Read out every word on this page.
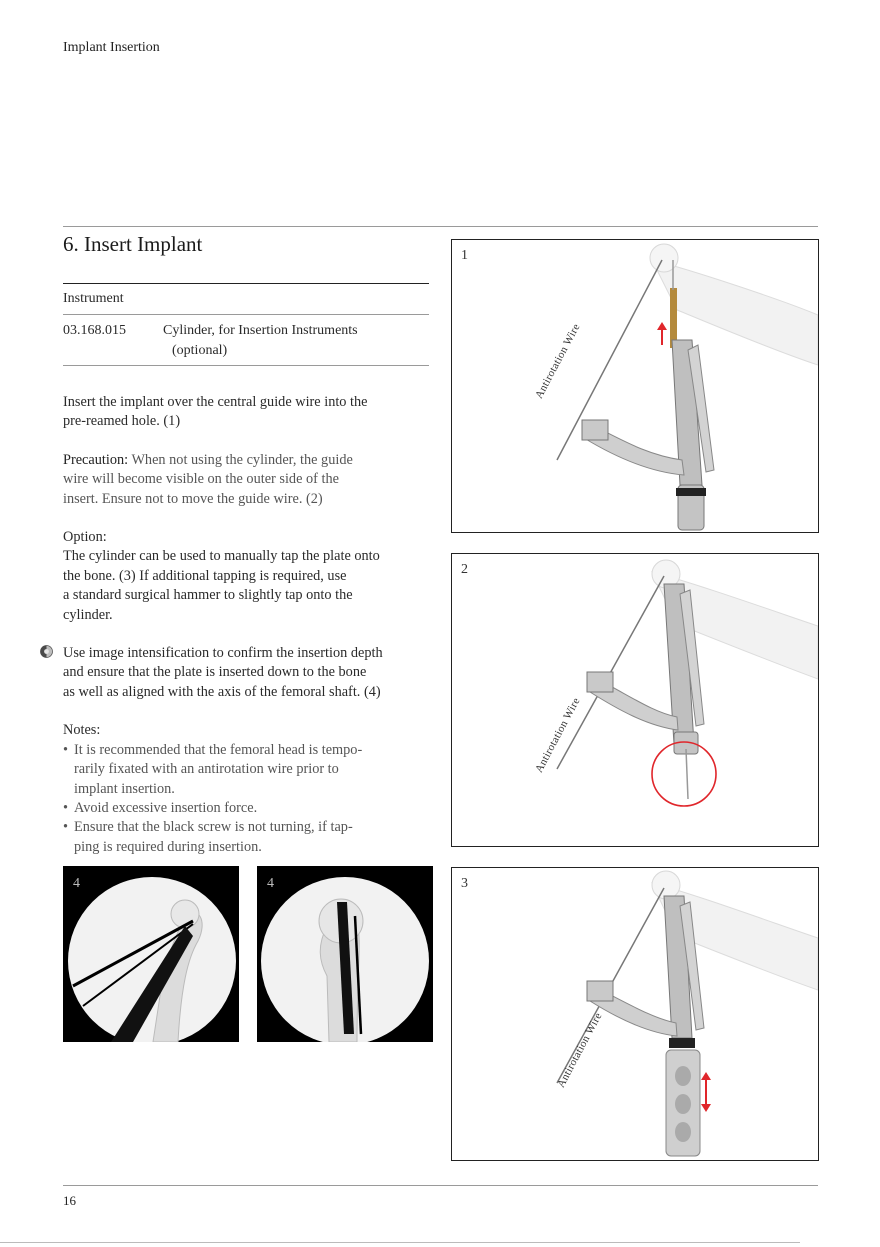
Implant Insertion
6. Insert Implant
Instrument
03.168.015	Cylinder, for Insertion Instruments
(optional)
Insert the implant over the central guide wire into the
pre-reamed hole. (1)
Precaution: When not using the cylinder, the guide
wire will become visible on the outer side of the
insert. Ensure not to move the guide wire. (2)
Option:
The cylinder can be used to manually tap the plate onto
the bone. (3) If additional tapping is required, use
a standard surgical hammer to slightly tap onto the
cylinder.
Use image intensification to confirm the insertion depth
and ensure that the plate is inserted down to the bone
as well as aligned with the axis of the femoral shaft. (4)
Notes:
• It is recommended that the femoral head is tempo-
rarily fixated with an antirotation wire prior to
implant insertion.
• Avoid excessive insertion force.
• Ensure that the black screw is not turning, if tap-
ping is required during insertion.
1
Antirotation Wire
2
Antirotation Wire
3
Antirotation Wire
4	4
16
